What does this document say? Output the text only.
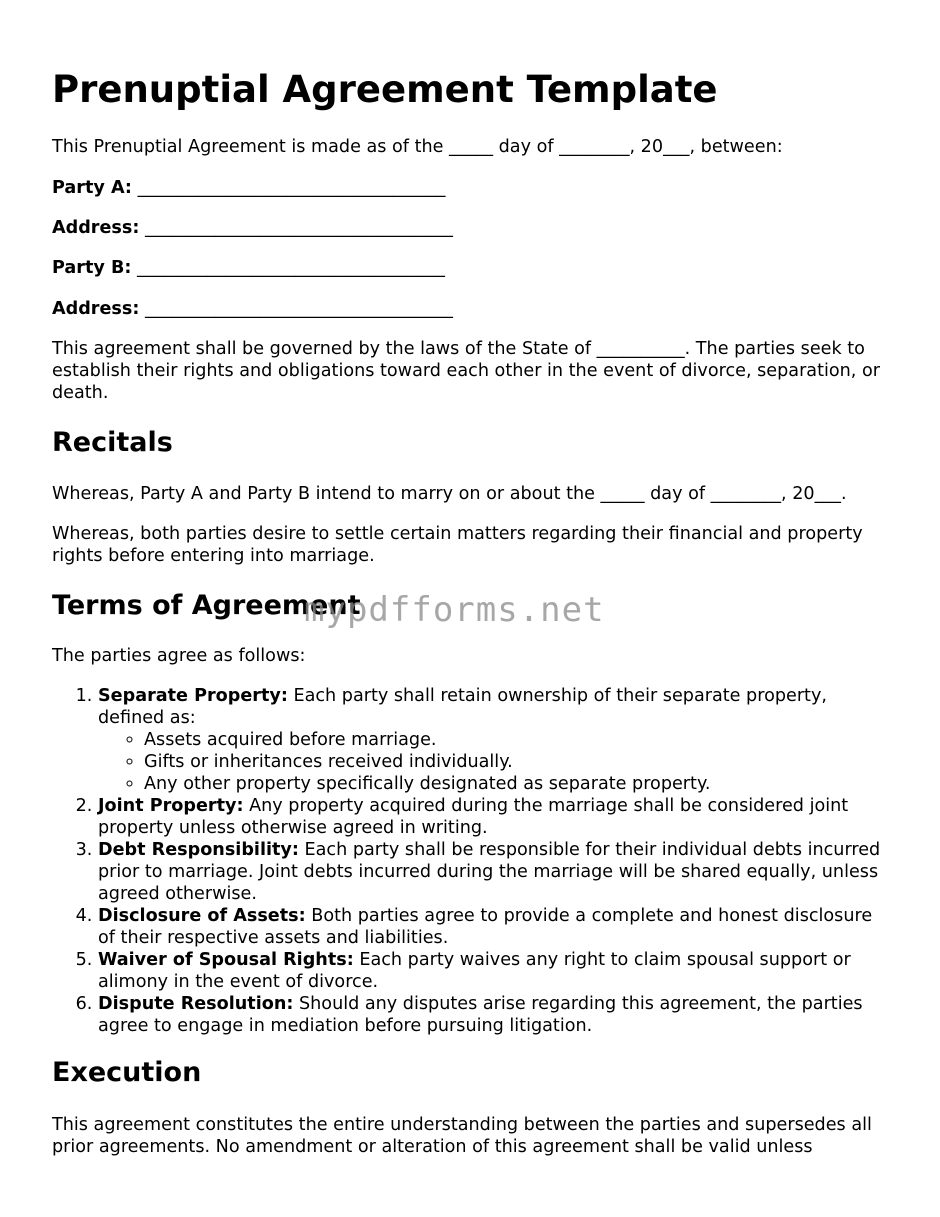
Prenuptial Agreement Template

This Prenuptial Agreement is made as of the _____ day of ________, 20___, between:

Party A: ___________________________________

Address: ___________________________________

Party B: ___________________________________

Address: ___________________________________

This agreement shall be governed by the laws of the State of __________. The parties seek to establish their rights and obligations toward each other in the event of divorce, separation, or death.

Recitals

Whereas, Party A and Party B intend to marry on or about the _____ day of ________, 20___.

Whereas, both parties desire to settle certain matters regarding their financial and property rights before entering into marriage.

Terms of Agreement

The parties agree as follows:

1. Separate Property: Each party shall retain ownership of their separate property, defined as:
◦ Assets acquired before marriage.
◦ Gifts or inheritances received individually.
◦ Any other property specifically designated as separate property.
2. Joint Property: Any property acquired during the marriage shall be considered joint property unless otherwise agreed in writing.
3. Debt Responsibility: Each party shall be responsible for their individual debts incurred prior to marriage. Joint debts incurred during the marriage will be shared equally, unless agreed otherwise.
4. Disclosure of Assets: Both parties agree to provide a complete and honest disclosure of their respective assets and liabilities.
5. Waiver of Spousal Rights: Each party waives any right to claim spousal support or alimony in the event of divorce.
6. Dispute Resolution: Should any disputes arise regarding this agreement, the parties agree to engage in mediation before pursuing litigation.
Execution

This agreement constitutes the entire understanding between the parties and supersedes all prior agreements. No amendment or alteration of this agreement shall be valid unless

mypdfforms.net
